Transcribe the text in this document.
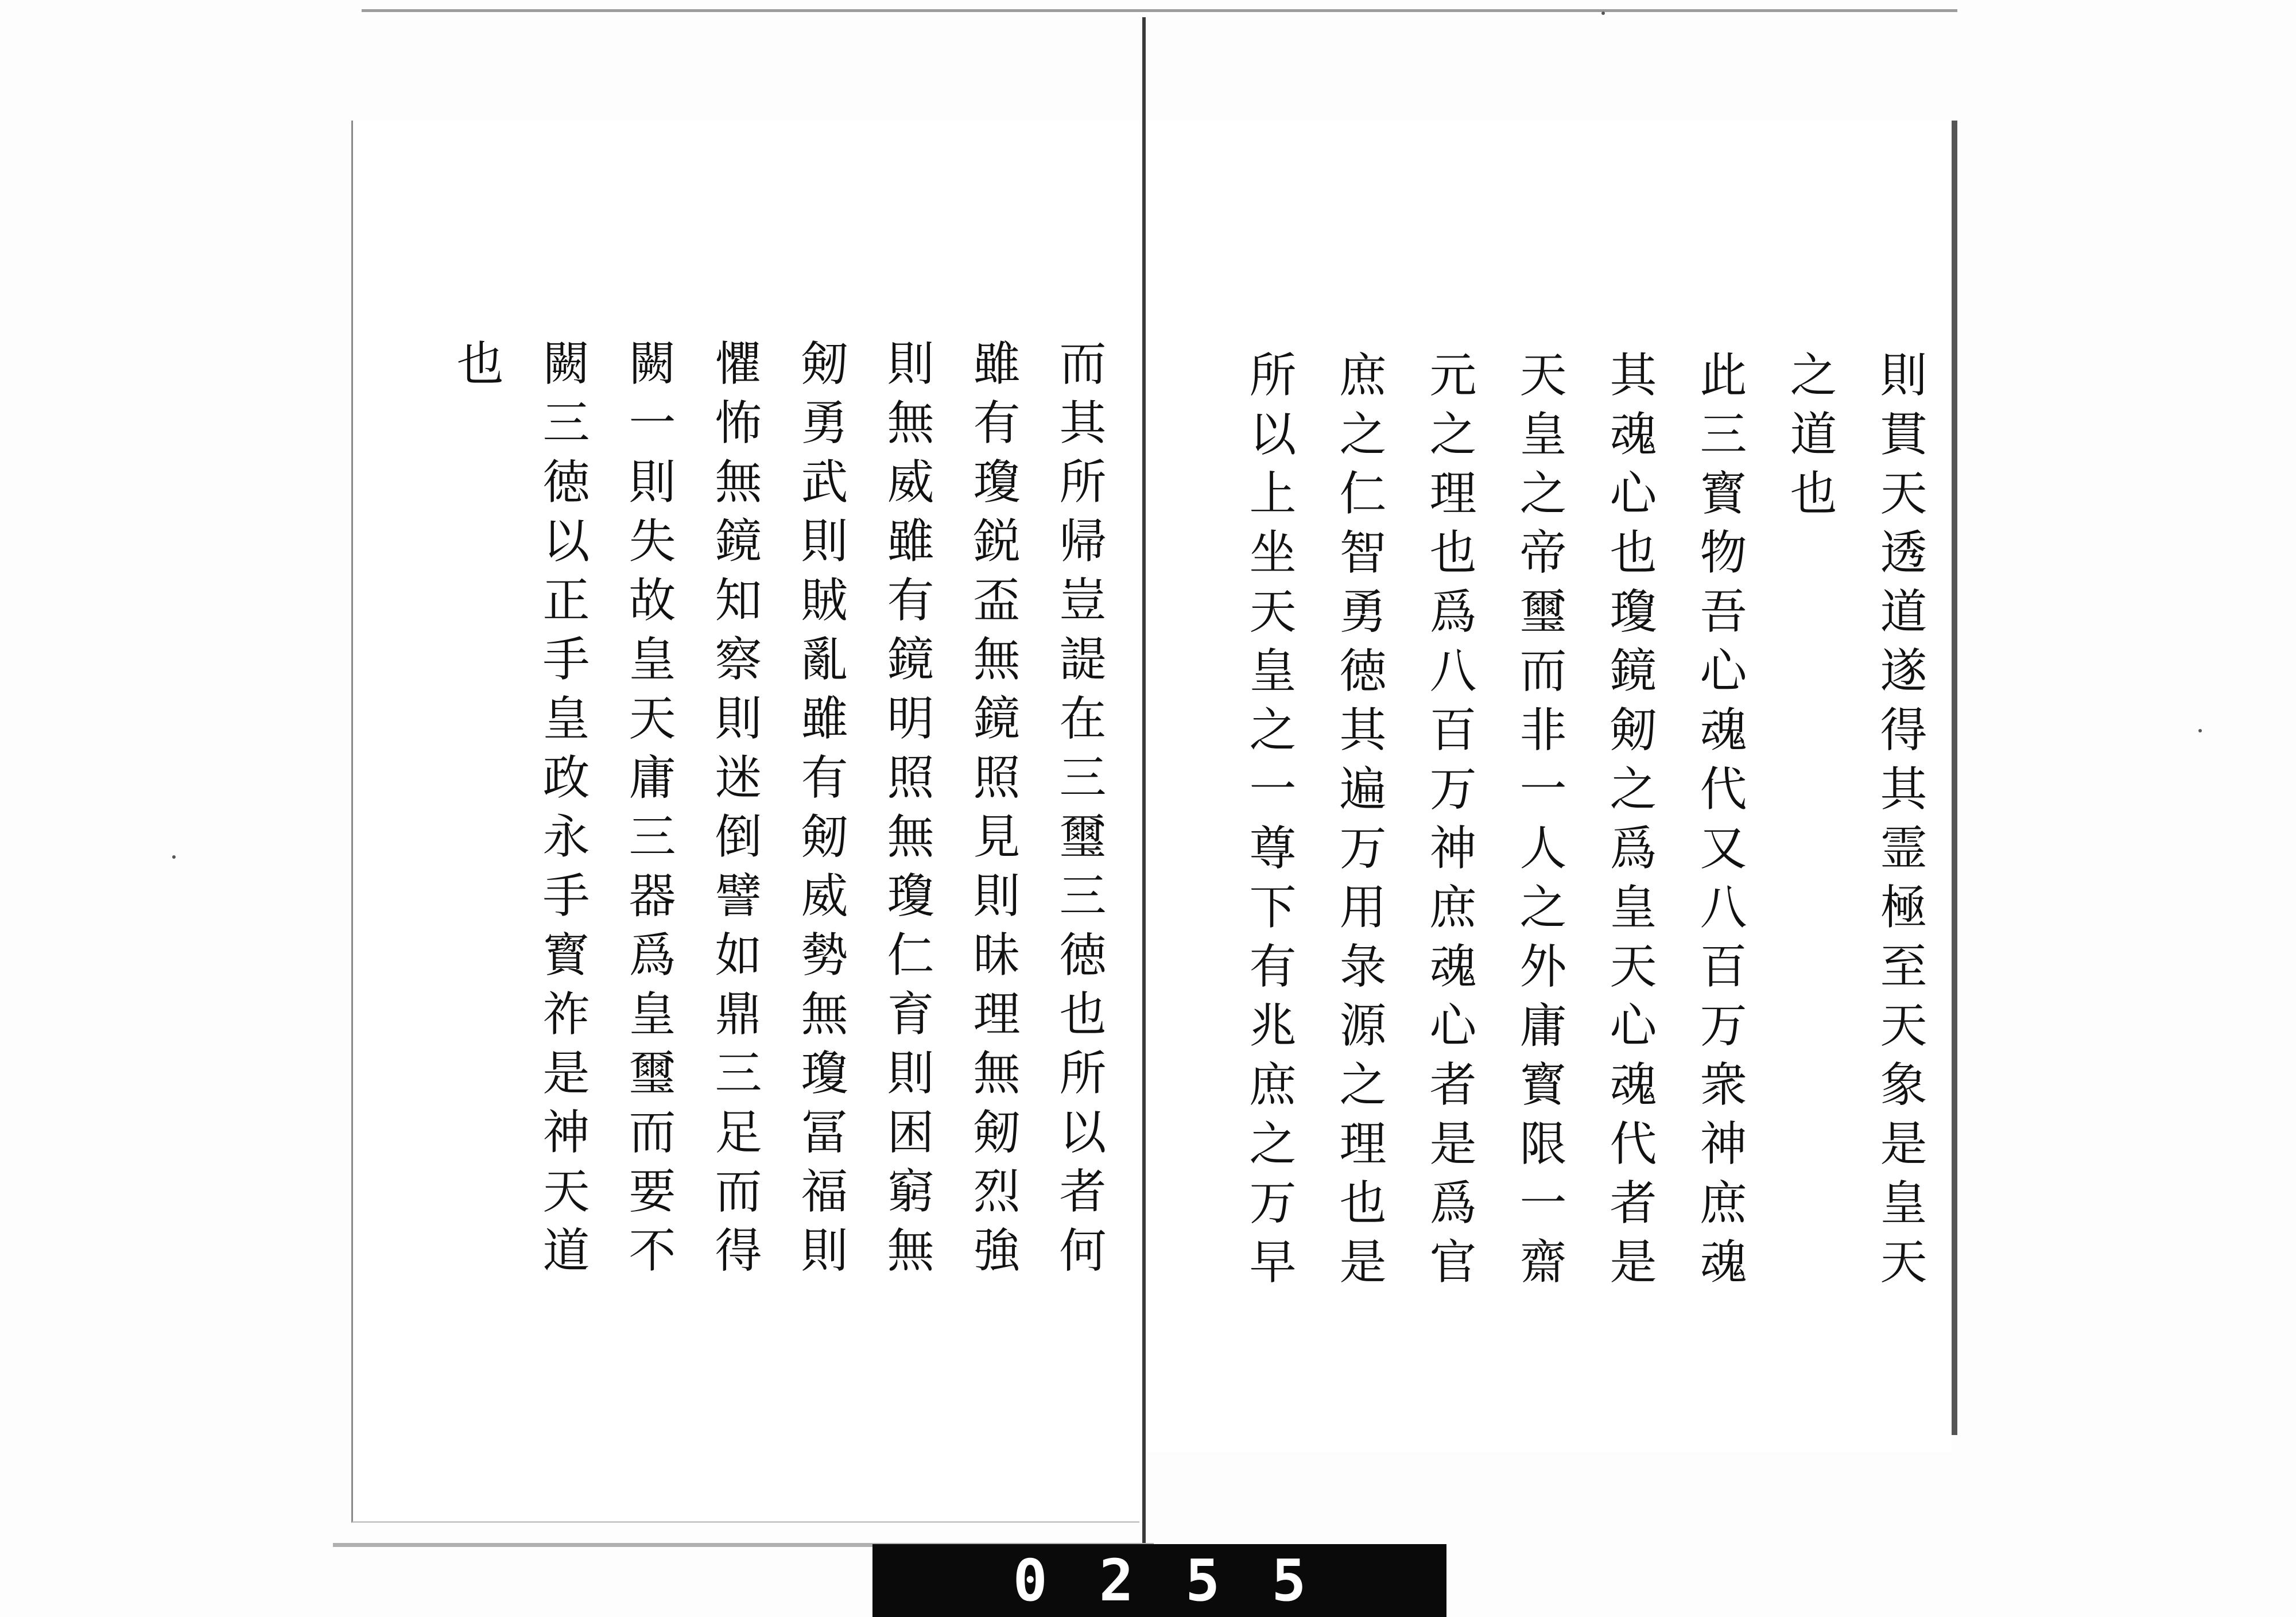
則貫天透道遂得其霊極至天象是皇天
之道也
此三寳物吾心魂代又八百万衆神庶魂
其魂心也瓊鏡剱之爲皇天心魂代者是
天皇之帝璽而非一人之外庸寳限一齋
元之理也爲八百万神庶魂心者是爲官
庶之仁智勇徳其遍万用彔源之理也是
所以上坐天皇之一尊下有兆庶之万早
而其所帰豈諟在三璽三徳也所以者何
雖有瓊鋭盃無鏡照見則昧理無剱烈強
則無威雖有鏡明照無瓊仁育則困窮無
剱勇武則賊亂雖有剱威勢無瓊冨福則
懼怖無鏡知察則迷倒譬如鼎三足而得
闕一則失故皇天庸三器爲皇璽而要不
闕三徳以正手皇政永手寳祚是神天道
也
0255
